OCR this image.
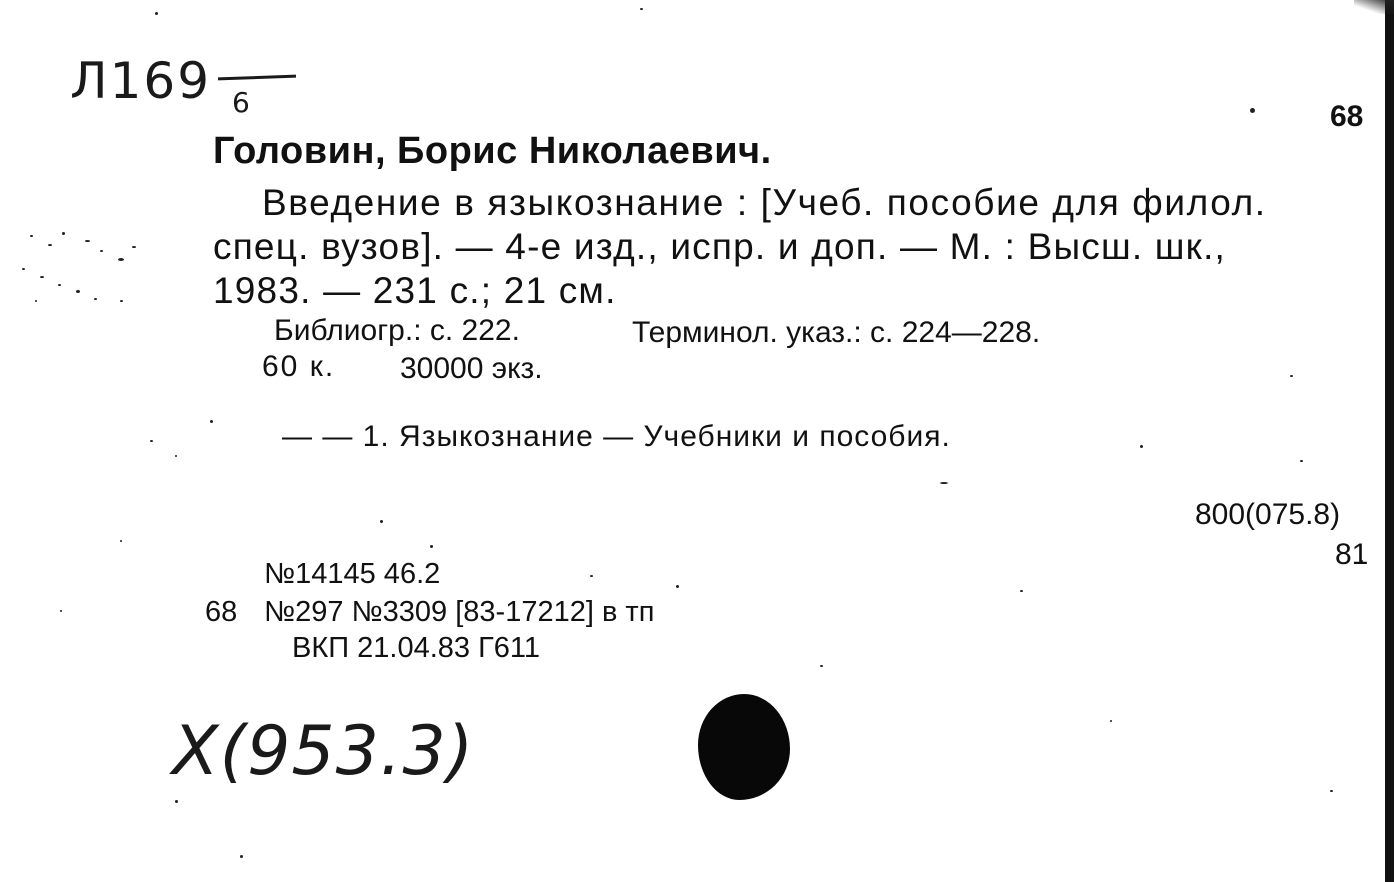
Л169 6	68
Головин, Борис Николаевич.
Введение в языкознание : [Учеб. пособие для филол.
спец. вузов]. — 4-е изд., испр. и доп. — М. : Высш. шк.,
1983. — 231 с.; 21 см.
Библиогр.: с. 222.	Терминол. указ.: с. 224—228.
60 к. 30000 экз.
— — 1. Языкознание — Учебники и пособия.
800(075.8)
81
№14145 46.2
68 №297 №3309 [83-17212] в тп
ВКП 21.04.83 Г611
Х(953.3)
